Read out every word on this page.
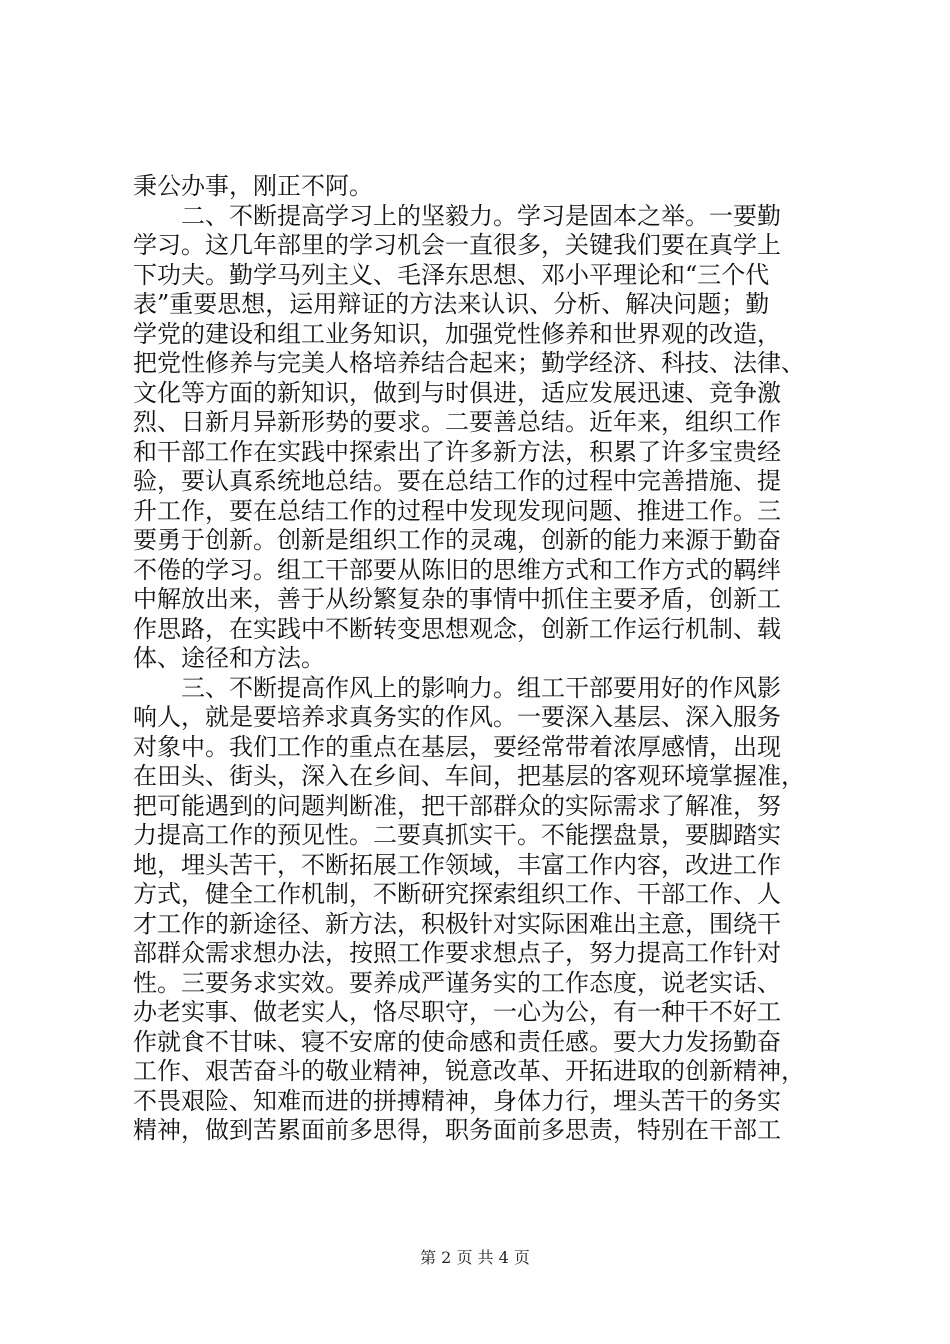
秉公办事，刚正不阿。
　　二、不断提高学习上的坚毅力。学习是固本之举。一要勤
学习。这几年部里的学习机会一直很多，关键我们要在真学上
下功夫。勤学马列主义、毛泽东思想、邓小平理论和“三个代
表”重要思想，运用辩证的方法来认识、分析、解决问题；勤
学党的建设和组工业务知识，加强党性修养和世界观的改造，
把党性修养与完美人格培养结合起来；勤学经济、科技、法律、
文化等方面的新知识，做到与时俱进，适应发展迅速、竞争激
烈、日新月异新形势的要求。二要善总结。近年来，组织工作
和干部工作在实践中探索出了许多新方法，积累了许多宝贵经
验，要认真系统地总结。要在总结工作的过程中完善措施、提
升工作，要在总结工作的过程中发现发现问题、推进工作。三
要勇于创新。创新是组织工作的灵魂，创新的能力来源于勤奋
不倦的学习。组工干部要从陈旧的思维方式和工作方式的羁绊
中解放出来，善于从纷繁复杂的事情中抓住主要矛盾，创新工
作思路，在实践中不断转变思想观念，创新工作运行机制、载
体、途径和方法。
　　三、不断提高作风上的影响力。组工干部要用好的作风影
响人，就是要培养求真务实的作风。一要深入基层、深入服务
对象中。我们工作的重点在基层，要经常带着浓厚感情，出现
在田头、街头，深入在乡间、车间，把基层的客观环境掌握准，
把可能遇到的问题判断准，把干部群众的实际需求了解准，努
力提高工作的预见性。二要真抓实干。不能摆盘景，要脚踏实
地，埋头苦干，不断拓展工作领域，丰富工作内容，改进工作
方式，健全工作机制，不断研究探索组织工作、干部工作、人
才工作的新途径、新方法，积极针对实际困难出主意，围绕干
部群众需求想办法，按照工作要求想点子，努力提高工作针对
性。三要务求实效。要养成严谨务实的工作态度，说老实话、
办老实事、做老实人，恪尽职守，一心为公，有一种干不好工
作就食不甘味、寝不安席的使命感和责任感。要大力发扬勤奋
工作、艰苦奋斗的敬业精神，锐意改革、开拓进取的创新精神，
不畏艰险、知难而进的拼搏精神，身体力行，埋头苦干的务实
精神，做到苦累面前多思得，职务面前多思责，特别在干部工
第 2 页 共 4 页
